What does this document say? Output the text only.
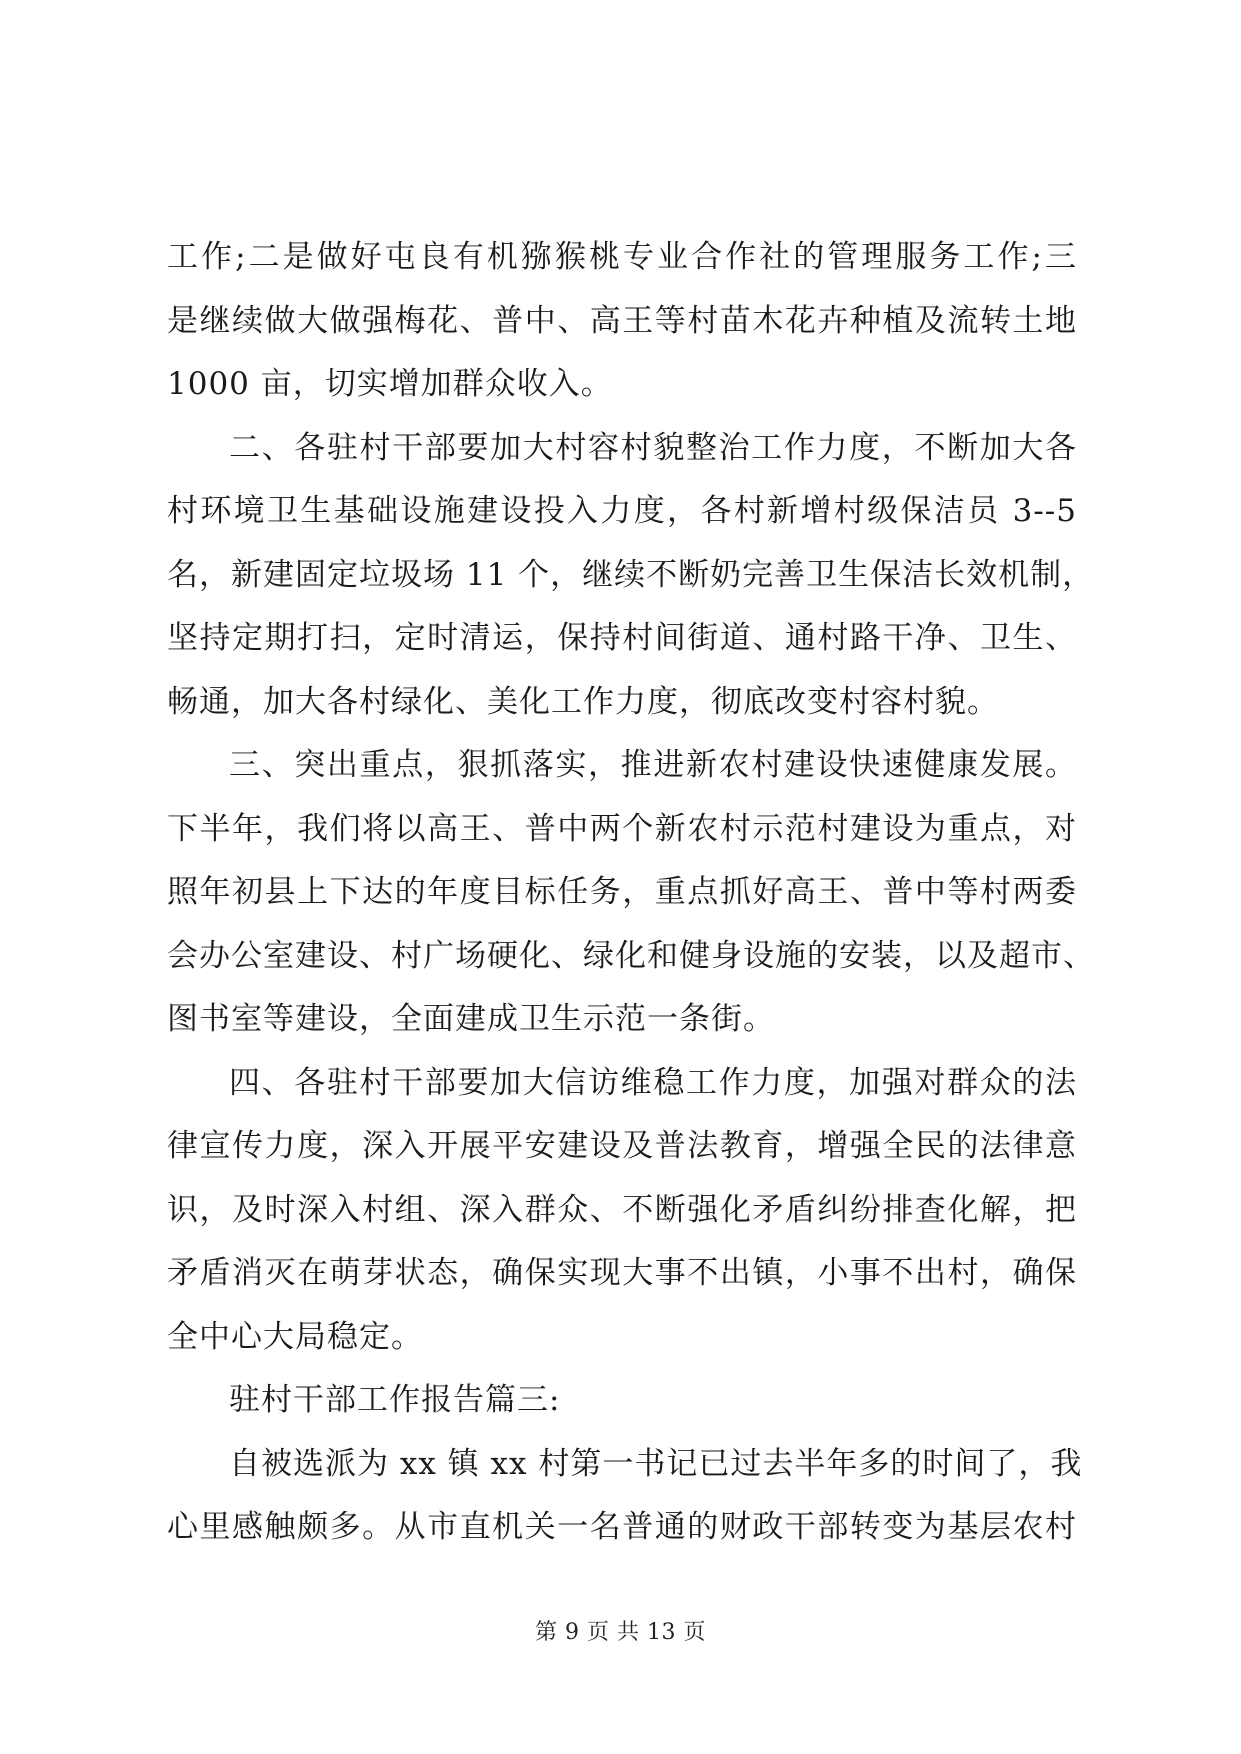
工作;二是做好屯良有机猕猴桃专业合作社的管理服务工作;三
是继续做大做强梅花、普中、高王等村苗木花卉种植及流转土地
1000 亩，切实增加群众收入。
二、各驻村干部要加大村容村貌整治工作力度，不断加大各
村环境卫生基础设施建设投入力度，各村新增村级保洁员 3--5
名，新建固定垃圾场 11 个，继续不断奶完善卫生保洁长效机制，
坚持定期打扫，定时清运，保持村间街道、通村路干净、卫生、
畅通，加大各村绿化、美化工作力度，彻底改变村容村貌。
三、突出重点，狠抓落实，推进新农村建设快速健康发展。
下半年，我们将以高王、普中两个新农村示范村建设为重点，对
照年初县上下达的年度目标任务，重点抓好高王、普中等村两委
会办公室建设、村广场硬化、绿化和健身设施的安装，以及超市、
图书室等建设，全面建成卫生示范一条街。
四、各驻村干部要加大信访维稳工作力度，加强对群众的法
律宣传力度，深入开展平安建设及普法教育，增强全民的法律意
识，及时深入村组、深入群众、不断强化矛盾纠纷排查化解，把
矛盾消灭在萌芽状态，确保实现大事不出镇，小事不出村，确保
全中心大局稳定。
驻村干部工作报告篇三:
自被选派为 xx 镇 xx 村第一书记已过去半年多的时间了，我
心里感触颇多。从市直机关一名普通的财政干部转变为基层农村
第 9 页 共 13 页
